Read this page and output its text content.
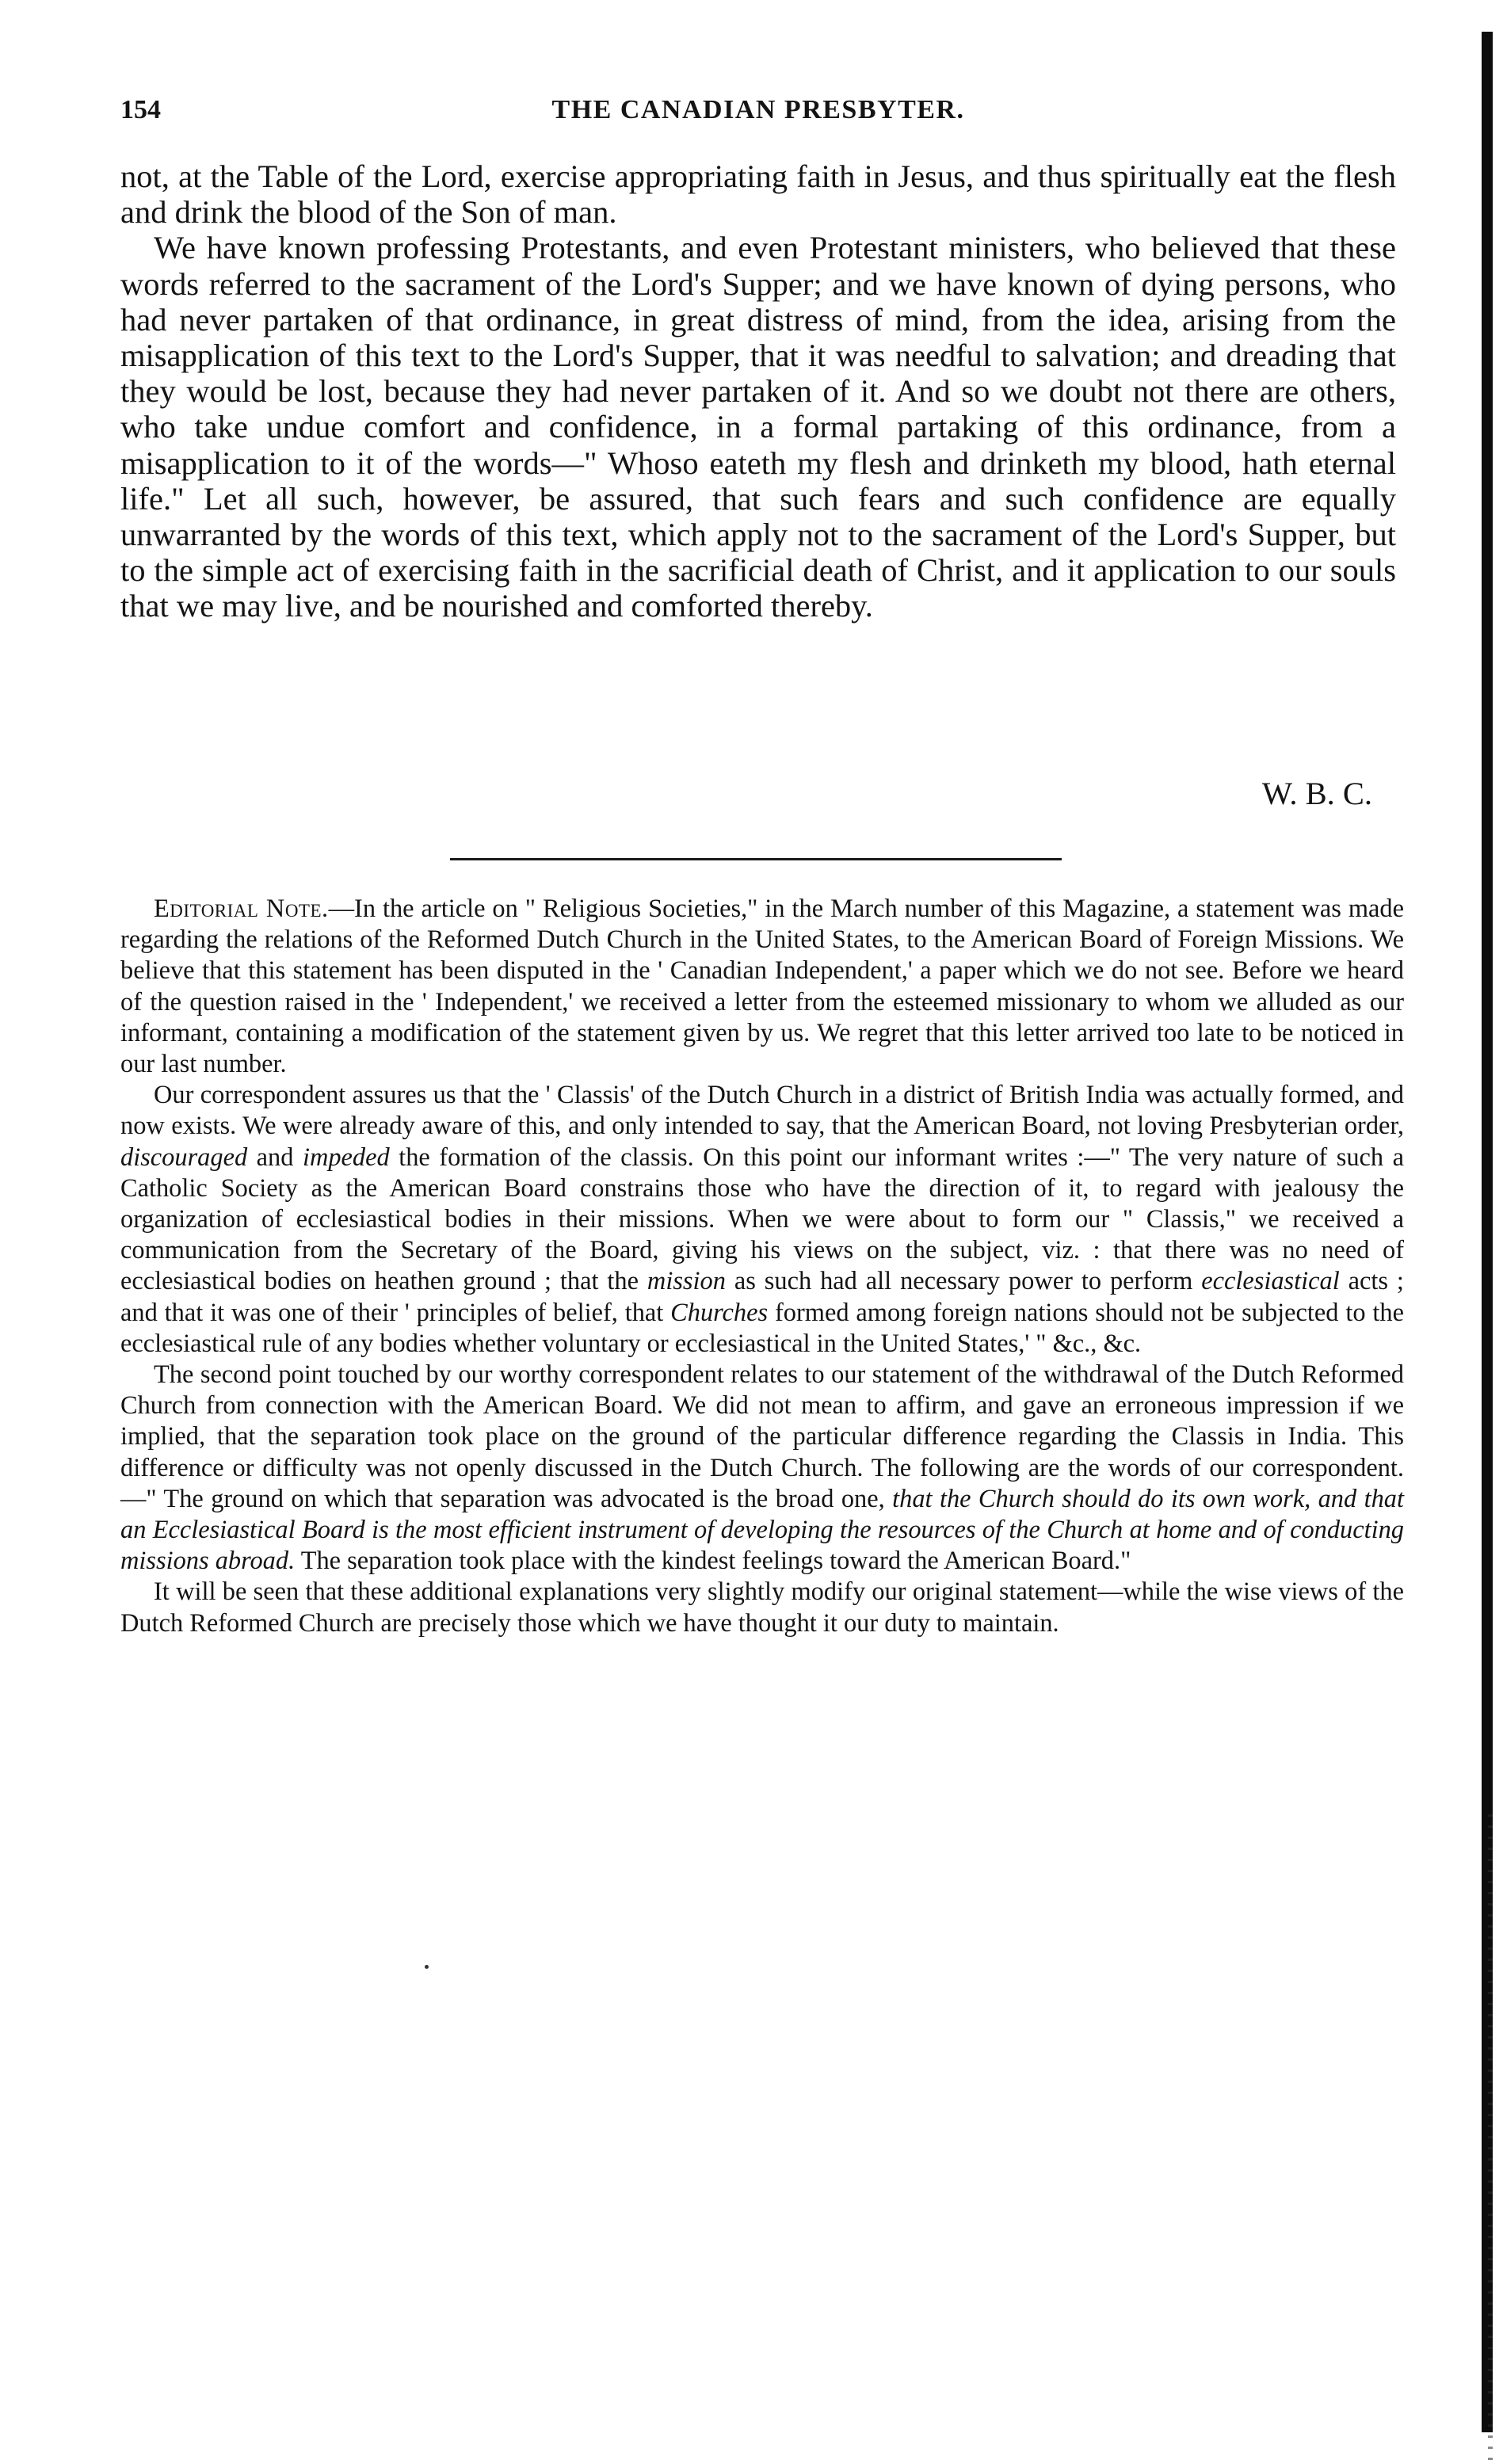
154	THE CANADIAN PRESBYTER.

not, at the Table of the Lord, exercise appropriating faith in Jesus, and thus spiritually eat the flesh and drink the blood of the Son of man.

We have known professing Protestants, and even Protestant ministers, who believed that these words referred to the sacrament of the Lord's Supper; and we have known of dying persons, who had never partaken of that ordinance, in great distress of mind, from the idea, arising from the misapplication of this text to the Lord's Supper, that it was needful to salvation; and dreading that they would be lost, because they had never partaken of it. And so we doubt not there are others, who take undue comfort and confidence, in a formal partaking of this ordinance, from a misapplication to it of the words—" Whoso eateth my flesh and drinketh my blood, hath eternal life." Let all such, however, be assured, that such fears and such confidence are equally unwarranted by the words of this text, which apply not to the sacrament of the Lord's Supper, but to the simple act of exercising faith in the sacrificial death of Christ, and it application to our souls that we may live, and be nourished and comforted thereby.

W. B. C.

Editorial Note.—In the article on " Religious Societies," in the March number of this Magazine, a statement was made regarding the relations of the Reformed Dutch Church in the United States, to the American Board of Foreign Missions. We believe that this statement has been disputed in the ' Canadian Independent,' a paper which we do not see. Before we heard of the question raised in the ' Independent,' we received a letter from the esteemed missionary to whom we alluded as our informant, containing a modification of the statement given by us. We regret that this letter arrived too late to be noticed in our last number.

Our correspondent assures us that the ' Classis' of the Dutch Church in a district of British India was actually formed, and now exists. We were already aware of this, and only intended to say, that the American Board, not loving Presbyterian order, discouraged and impeded the formation of the classis. On this point our informant writes :—" The very nature of such a Catholic Society as the American Board constrains those who have the direction of it, to regard with jealousy the organization of ecclesiastical bodies in their missions. When we were about to form our " Classis," we received a communication from the Secretary of the Board, giving his views on the subject, viz. : that there was no need of ecclesiastical bodies on heathen ground ; that the mission as such had all necessary power to perform ecclesiastical acts ; and that it was one of their ' principles of belief, that Churches formed among foreign nations should not be subjected to the ecclesiastical rule of any bodies whether voluntary or ecclesiastical in the United States,' " &c., &c.

The second point touched by our worthy correspondent relates to our statement of the withdrawal of the Dutch Reformed Church from connection with the American Board. We did not mean to affirm, and gave an erroneous impression if we implied, that the separation took place on the ground of the particular difference regarding the Classis in India. This difference or difficulty was not openly discussed in the Dutch Church. The following are the words of our correspondent. —" The ground on which that separation was advocated is the broad one, that the Church should do its own work, and that an Ecclesiastical Board is the most efficient instrument of developing the resources of the Church at home and of conducting missions abroad. The separation took place with the kindest feelings toward the American Board."

It will be seen that these additional explanations very slightly modify our original statement—while the wise views of the Dutch Reformed Church are precisely those which we have thought it our duty to maintain.
